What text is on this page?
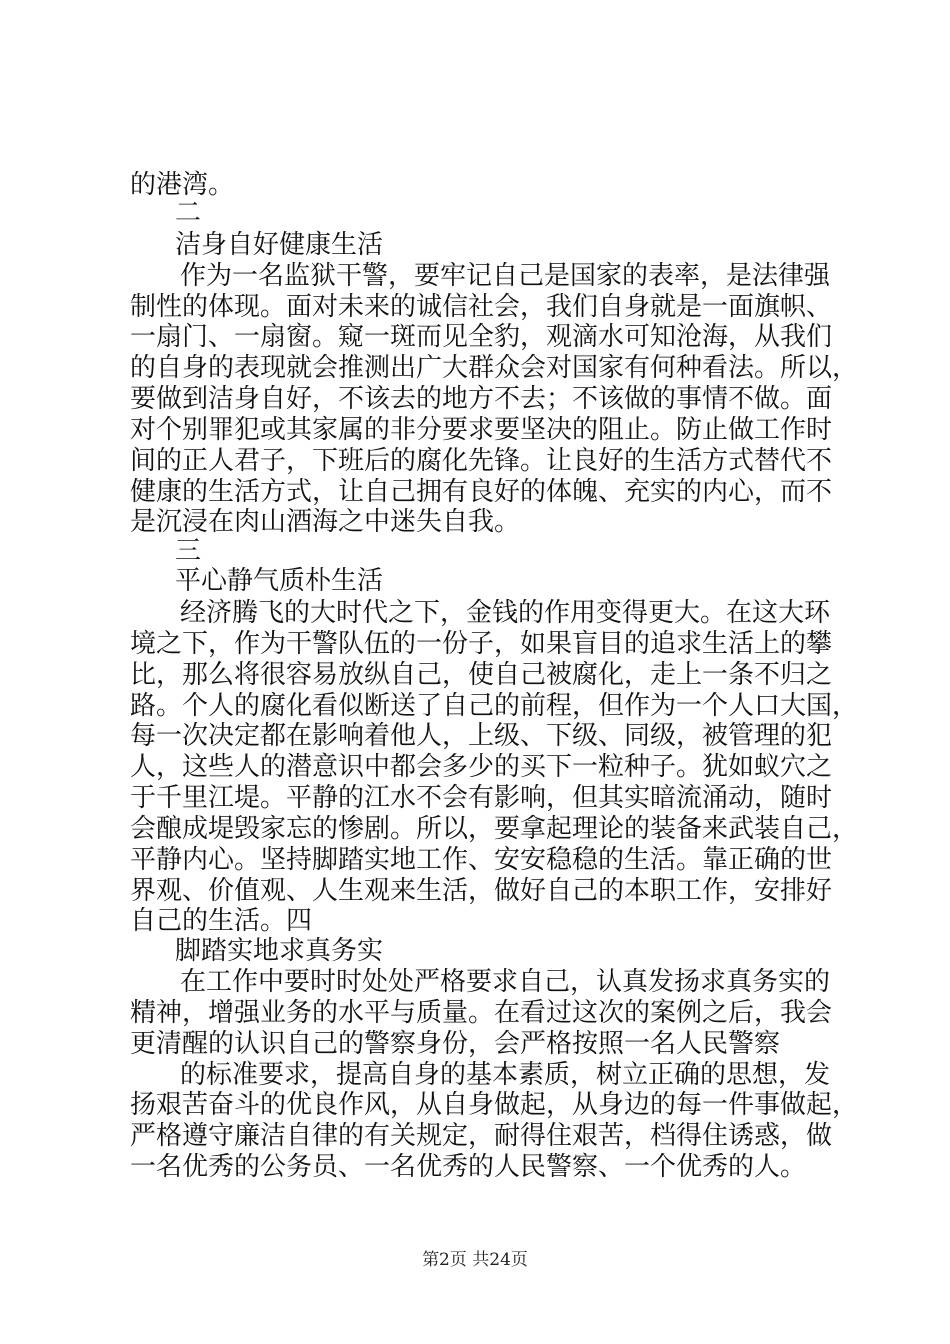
的港湾。
二
洁身自好健康生活
作为一名监狱干警，要牢记自己是国家的表率，是法律强
制性的体现。面对未来的诚信社会，我们自身就是一面旗帜、
一扇门、一扇窗。窥一斑而见全豹，观滴水可知沧海，从我们
的自身的表现就会推测出广大群众会对国家有何种看法。所以，
要做到洁身自好，不该去的地方不去；不该做的事情不做。面
对个别罪犯或其家属的非分要求要坚决的阻止。防止做工作时
间的正人君子，下班后的腐化先锋。让良好的生活方式替代不
健康的生活方式，让自己拥有良好的体魄、充实的内心，而不
是沉浸在肉山酒海之中迷失自我。
三
平心静气质朴生活
经济腾飞的大时代之下，金钱的作用变得更大。在这大环
境之下，作为干警队伍的一份子，如果盲目的追求生活上的攀
比，那么将很容易放纵自己，使自己被腐化，走上一条不归之
路。个人的腐化看似断送了自己的前程，但作为一个人口大国，
每一次决定都在影响着他人，上级、下级、同级，被管理的犯
人，这些人的潜意识中都会多少的买下一粒种子。犹如蚁穴之
于千里江堤。平静的江水不会有影响，但其实暗流涌动，随时
会酿成堤毁家忘的惨剧。所以，要拿起理论的装备来武装自己，
平静内心。坚持脚踏实地工作、安安稳稳的生活。靠正确的世
界观、价值观、人生观来生活，做好自己的本职工作，安排好
自己的生活。四
脚踏实地求真务实
在工作中要时时处处严格要求自己，认真发扬求真务实的
精神，增强业务的水平与质量。在看过这次的案例之后，我会
更清醒的认识自己的警察身份，会严格按照一名人民警察
的标准要求，提高自身的基本素质，树立正确的思想，发
扬艰苦奋斗的优良作风，从自身做起，从身边的每一件事做起，
严格遵守廉洁自律的有关规定，耐得住艰苦，档得住诱惑，做
一名优秀的公务员、一名优秀的人民警察、一个优秀的人。
第2页 共24页
